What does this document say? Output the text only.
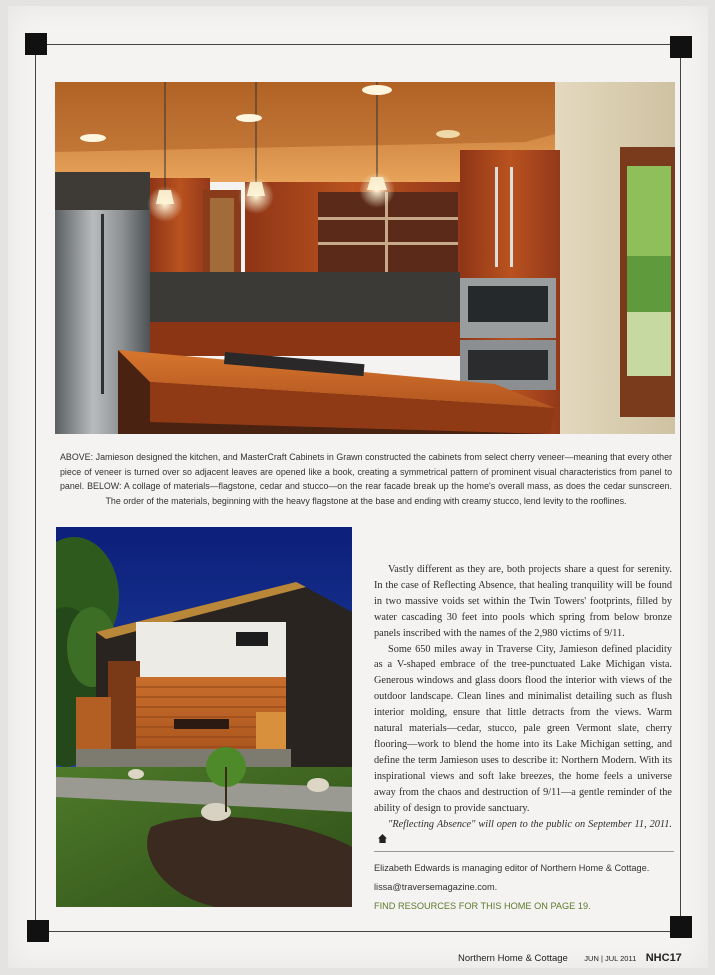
ABOVE: Jamieson designed the kitchen, and MasterCraft Cabinets in Grawn constructed the cabinets from select cherry veneer—meaning that every other piece of veneer is turned over so adjacent leaves are opened like a book, creating a symmetrical pattern of prominent visual characteristics from panel to panel. BELOW: A collage of materials—flagstone, cedar and stucco—on the rear facade break up the home's overall mass, as does the cedar sunscreen. The order of the materials, beginning with the heavy flagstone at the base and ending with creamy stucco, lend levity to the rooflines.

Vastly different as they are, both projects share a quest for serenity. In the case of Reflecting Absence, that healing tranquility will be found in two massive voids set within the Twin Towers' footprints, filled by water cascading 30 feet into pools which spring from below bronze panels inscribed with the names of the 2,980 victims of 9/11.

Some 650 miles away in Traverse City, Jamieson defined placidity as a V-shaped embrace of the tree-punctuated Lake Michigan vista. Generous windows and glass doors flood the interior with views of the outdoor landscape. Clean lines and minimalist detailing such as flush interior molding, ensure that little detracts from the views. Warm natural materials—cedar, stucco, pale green Vermont slate, cherry flooring—work to blend the home into its Lake Michigan setting, and define the term Jamieson uses to describe it: Northern Modern. With its inspirational views and soft lake breezes, the home feels a universe away from the chaos and destruction of 9/11—a gentle reminder of the ability of design to provide sanctuary.

"Reflecting Absence" will open to the public on September 11, 2011.

Elizabeth Edwards is managing editor of Northern Home & Cottage.
lissa@traversemagazine.com.
FIND RESOURCES FOR THIS HOME ON PAGE 19.
Northern Home & Cottage JUN | JUL 2011 NHC17
